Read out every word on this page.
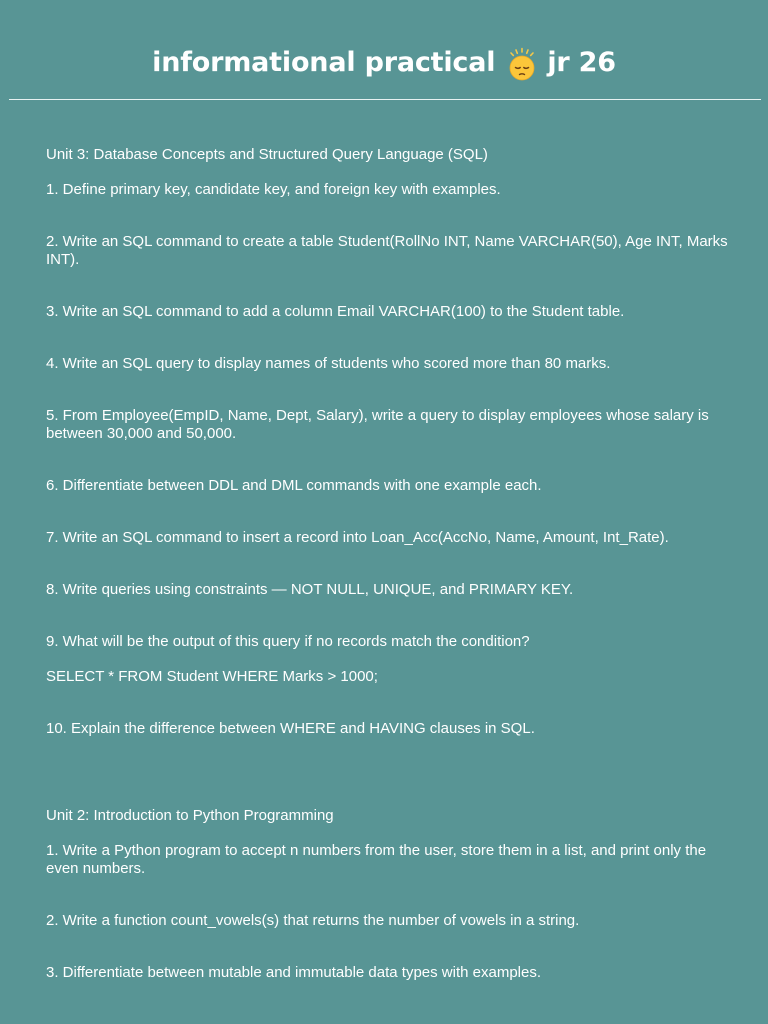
informational practical jr 26

Unit 3: Database Concepts and Structured Query Language (SQL)

1. Define primary key, candidate key, and foreign key with examples.

2. Write an SQL command to create a table Student(RollNo INT, Name VARCHAR(50), Age INT, Marks INT).

3. Write an SQL command to add a column Email VARCHAR(100) to the Student table.

4. Write an SQL query to display names of students who scored more than 80 marks.

5. From Employee(EmpID, Name, Dept, Salary), write a query to display employees whose salary is between 30,000 and 50,000.

6. Differentiate between DDL and DML commands with one example each.

7. Write an SQL command to insert a record into Loan_Acc(AccNo, Name, Amount, Int_Rate).

8. Write queries using constraints — NOT NULL, UNIQUE, and PRIMARY KEY.

9. What will be the output of this query if no records match the condition?

SELECT * FROM Student WHERE Marks > 1000;

10. Explain the difference between WHERE and HAVING clauses in SQL.

Unit 2: Introduction to Python Programming

1. Write a Python program to accept n numbers from the user, store them in a list, and print only the even numbers.

2. Write a function count_vowels(s) that returns the number of vowels in a string.

3. Differentiate between mutable and immutable data types with examples.
